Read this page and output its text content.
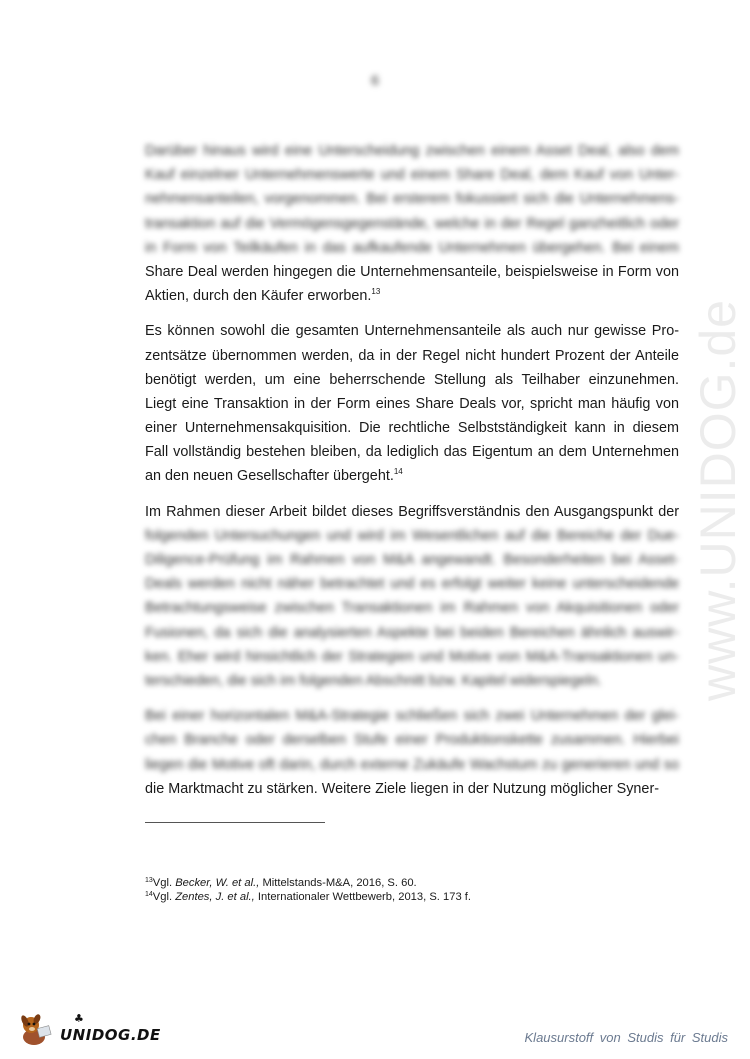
6
www.UNIDOG.de
Darüber hinaus wird eine Unterscheidung zwischen einem Asset Deal, also dem
Kauf einzelner Unternehmenswerte und einem Share Deal, dem Kauf von Unter-
nehmensanteilen, vorgenommen. Bei ersterem fokussiert sich die Unternehmens-
transaktion auf die Vermögensgegenstände, welche in der Regel ganzheitlich oder
in Form von Teilkäufen in das aufkaufende Unternehmen übergehen. Bei einem
Share Deal werden hingegen die Unternehmensanteile, beispielsweise in Form von
Aktien, durch den Käufer erworben.$^{13}$
Es können sowohl die gesamten Unternehmensanteile als auch nur gewisse Pro-
zentsätze übernommen werden, da in der Regel nicht hundert Prozent der Anteile
benötigt werden, um eine beherrschende Stellung als Teilhaber einzunehmen.
Liegt eine Transaktion in der Form eines Share Deals vor, spricht man häufig von
einer Unternehmensakquisition. Die rechtliche Selbstständigkeit kann in diesem
Fall vollständig bestehen bleiben, da lediglich das Eigentum an dem Unternehmen
an den neuen Gesellschafter übergeht.$^{14}$
Im Rahmen dieser Arbeit bildet dieses Begriffsverständnis den Ausgangspunkt der
folgenden Untersuchungen und wird im Wesentlichen auf die Bereiche der Due-
Diligence-Prüfung im Rahmen von M&A angewandt. Besonderheiten bei Asset-
Deals werden nicht näher betrachtet und es erfolgt weiter keine unterscheidende
Betrachtungsweise zwischen Transaktionen im Rahmen von Akquisitionen oder
Fusionen, da sich die analysierten Aspekte bei beiden Bereichen ähnlich auswir-
ken. Eher wird hinsichtlich der Strategien und Motive von M&A-Transaktionen un-
terschieden, die sich im folgenden Abschnitt bzw. Kapitel widerspiegeln.
Bei einer horizontalen M&A-Strategie schließen sich zwei Unternehmen der glei-
chen Branche oder derselben Stufe einer Produktionskette zusammen. Hierbei
liegen die Motive oft darin, durch externe Zukäufe Wachstum zu generieren und so
die Marktmacht zu stärken. Weitere Ziele liegen in der Nutzung möglicher Syner-
$^{13}$Vgl. Becker, W. et al., Mittelstands-M&A, 2016, S. 60.
$^{14}$Vgl. Zentes, J. et al., Internationaler Wettbewerb, 2013, S. 173 f.
♣
UNIDOG.DE	Klausurstoff von Studis für Studis
